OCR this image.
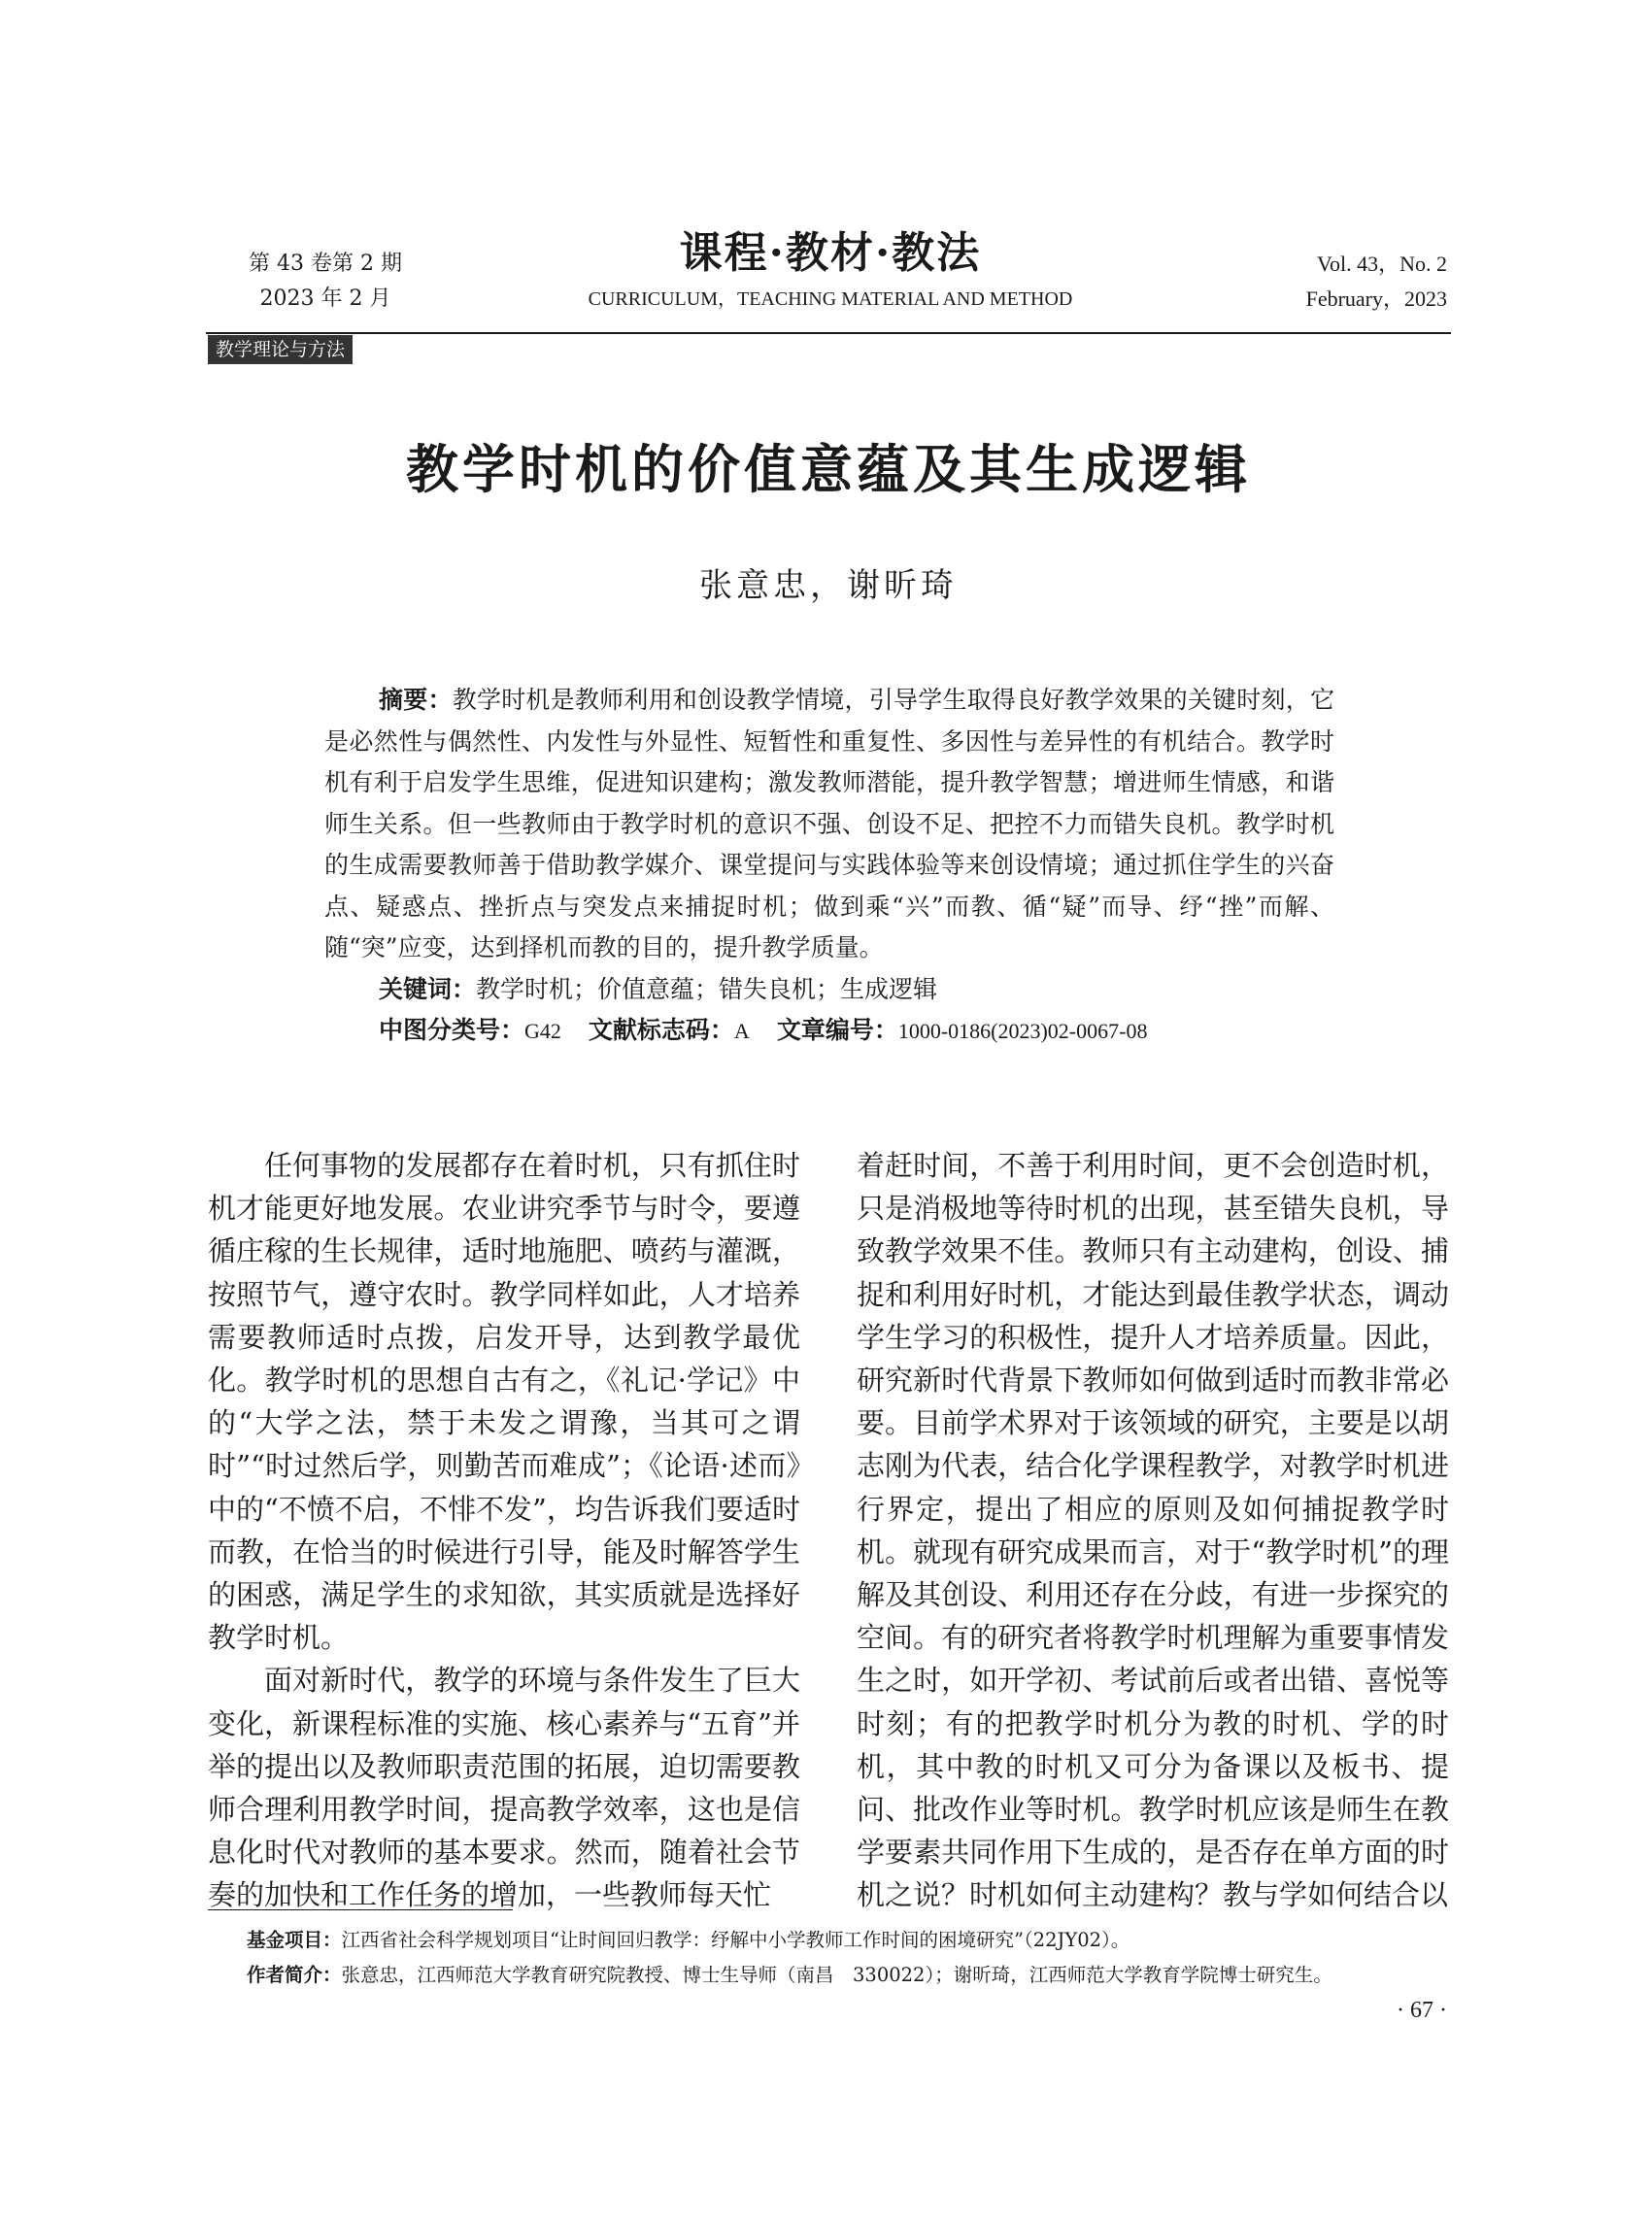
第 43 卷第 2 期
2023 年 2 月
课程·教材·教法
CURRICULUM，TEACHING MATERIAL AND METHOD
Vol. 43，No. 2
February，2023
教学理论与方法
教学时机的价值意蕴及其生成逻辑
张意忠，谢昕琦

摘要：教学时机是教师利用和创设教学情境，引导学生取得良好教学效果的关键时刻，它是必然性与偶然性、内发性与外显性、短暂性和重复性、多因性与差异性的有机结合。教学时机有利于启发学生思维，促进知识建构；激发教师潜能，提升教学智慧；增进师生情感，和谐师生关系。但一些教师由于教学时机的意识不强、创设不足、把控不力而错失良机。教学时机的生成需要教师善于借助教学媒介、课堂提问与实践体验等来创设情境；通过抓住学生的兴奋点、疑惑点、挫折点与突发点来捕捉时机；做到乘“兴”而教、循“疑”而导、纾“挫”而解、随“突”应变，达到择机而教的目的，提升教学质量。

关键词：教学时机；价值意蕴；错失良机；生成逻辑

中图分类号：G42 文献标志码：A 文章编号：1000-0186(2023)02-0067-08

任何事物的发展都存在着时机，只有抓住时机才能更好地发展。农业讲究季节与时令，要遵循庄稼的生长规律，适时地施肥、喷药与灌溉，按照节气，遵守农时。教学同样如此，人才培养需要教师适时点拨，启发开导，达到教学最优化。教学时机的思想自古有之，《礼记·学记》中的“大学之法，禁于未发之谓豫，当其可之谓时”“时过然后学，则勤苦而难成”；《论语·述而》中的“不愤不启，不悱不发”，均告诉我们要适时而教，在恰当的时候进行引导，能及时解答学生的困惑，满足学生的求知欲，其实质就是选择好教学时机。

面对新时代，教学的环境与条件发生了巨大变化，新课程标准的实施、核心素养与“五育”并举的提出以及教师职责范围的拓展，迫切需要教师合理利用教学时间，提高教学效率，这也是信息化时代对教师的基本要求。然而，随着社会节奏的加快和工作任务的增加，一些教师每天忙

着赶时间，不善于利用时间，更不会创造时机，只是消极地等待时机的出现，甚至错失良机，导致教学效果不佳。教师只有主动建构，创设、捕捉和利用好时机，才能达到最佳教学状态，调动学生学习的积极性，提升人才培养质量。因此，研究新时代背景下教师如何做到适时而教非常必要。目前学术界对于该领域的研究，主要是以胡志刚为代表，结合化学课程教学，对教学时机进行界定，提出了相应的原则及如何捕捉教学时机。就现有研究成果而言，对于“教学时机”的理解及其创设、利用还存在分歧，有进一步探究的空间。有的研究者将教学时机理解为重要事情发生之时，如开学初、考试前后或者出错、喜悦等时刻；有的把教学时机分为教的时机、学的时机，其中教的时机又可分为备课以及板书、提问、批改作业等时机。教学时机应该是师生在教学要素共同作用下生成的，是否存在单方面的时机之说？时机如何主动建构？教与学如何结合以

基金项目：江西省社会科学规划项目“让时间回归教学：纾解中小学教师工作时间的困境研究”（22JY02）。

作者简介：张意忠，江西师范大学教育研究院教授、博士生导师（南昌　330022）；谢昕琦，江西师范大学教育学院博士研究生。

· 67 ·
